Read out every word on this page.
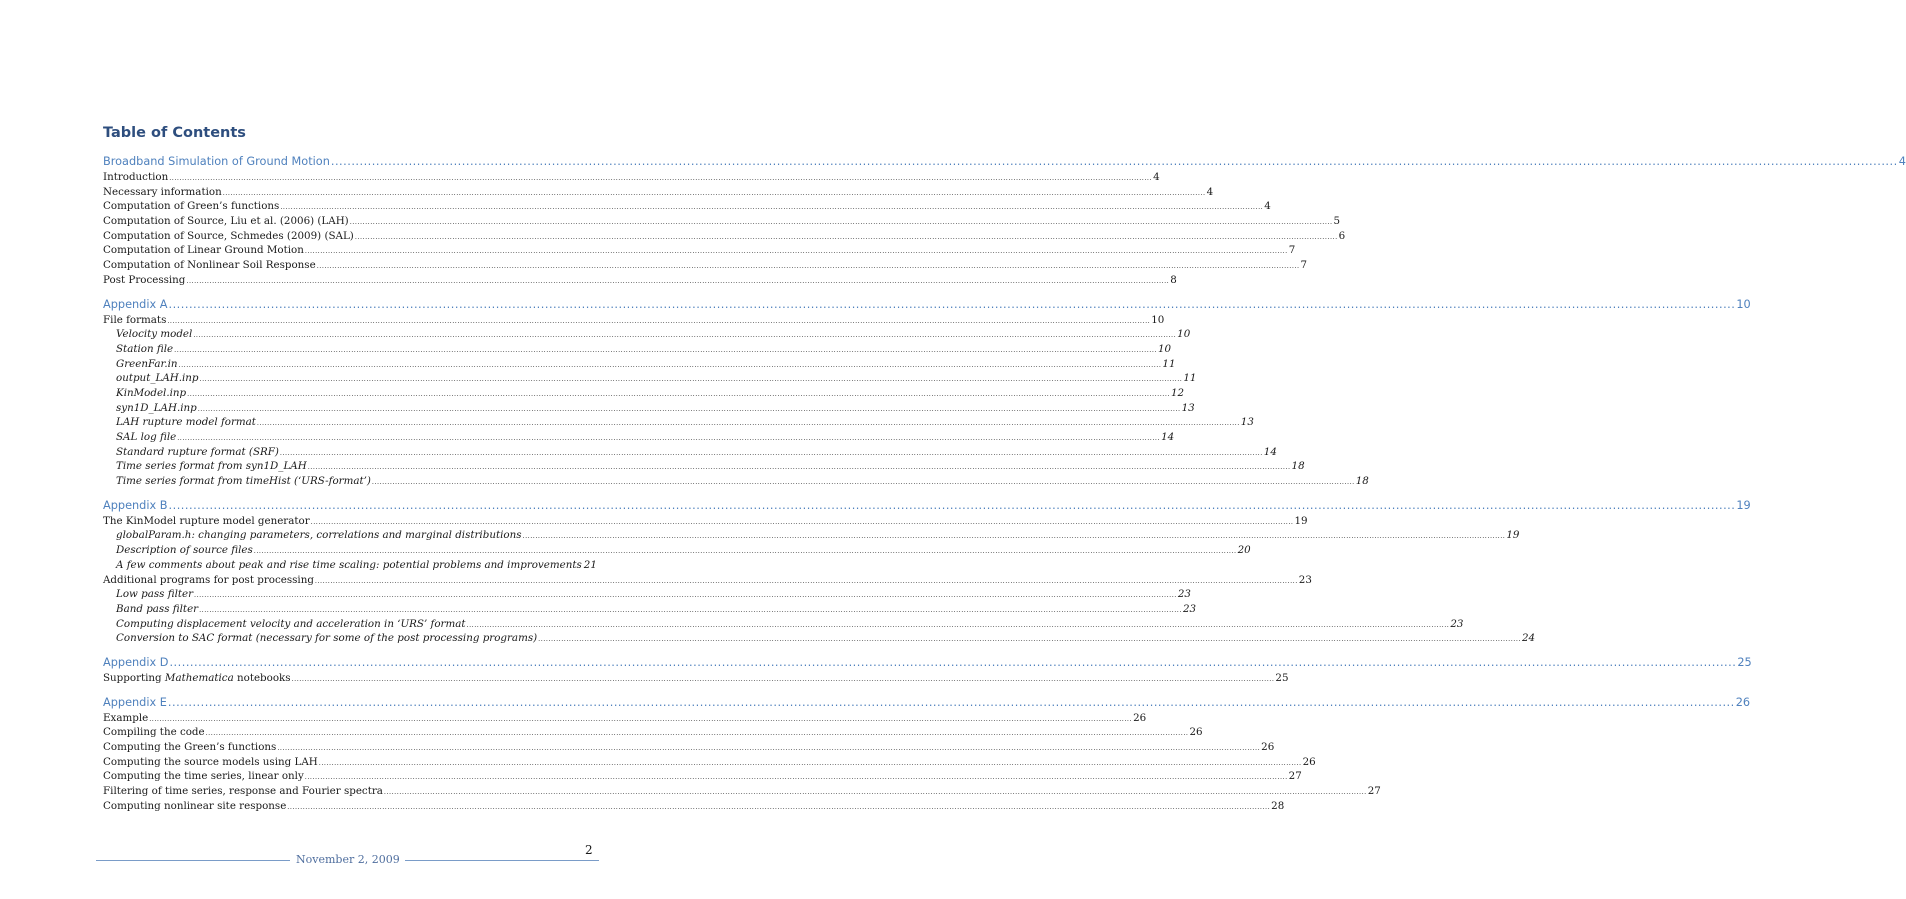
Table of Contents
Broadband Simulation of Ground Motion .....	4
Introduction .....	4
Necessary information .....	4
Computation of Green’s functions .....	4
Computation of Source, Liu et al. (2006) (LAH) .....	5
Computation of Source, Schmedes (2009) (SAL) .....	6
Computation of Linear Ground Motion .....	7
Computation of Nonlinear Soil Response .....	7
Post Processing .....	8
Appendix A .....	10
File formats .....	10
Velocity model .....	10
Station file .....	10
GreenFar.in .....	11
output_LAH.inp .....	11
KinModel.inp .....	12
syn1D_LAH.inp .....	13
LAH rupture model format .....	13
SAL log file .....	14
Standard rupture format (SRF) .....	14
Time series format from syn1D_LAH .....	18
Time series format from timeHist (‘URS-format’) .....	18
Appendix B .....	19
The KinModel rupture model generator .....	19
globalParam.h: changing parameters, correlations and marginal distributions .....	19
Description of source files .....	20
A few comments about peak and rise time scaling: potential problems and improvements 21
Additional programs for post processing .....	23
Low pass filter .....	23
Band pass filter .....	23
Computing displacement velocity and acceleration in ‘URS’ format .....	23
Conversion to SAC format (necessary for some of the post processing programs) .....	24
Appendix D .....	25
Supporting Mathematica notebooks .....	25
Appendix E .....	26
Example .....	26
Compiling the code .....	26
Computing the Green’s functions .....	26
Computing the source models using LAH .....	26
Computing the time series, linear only .....	27
Filtering of time series, response and Fourier spectra .....	27
Computing nonlinear site response .....	28
2
November 2, 2009
